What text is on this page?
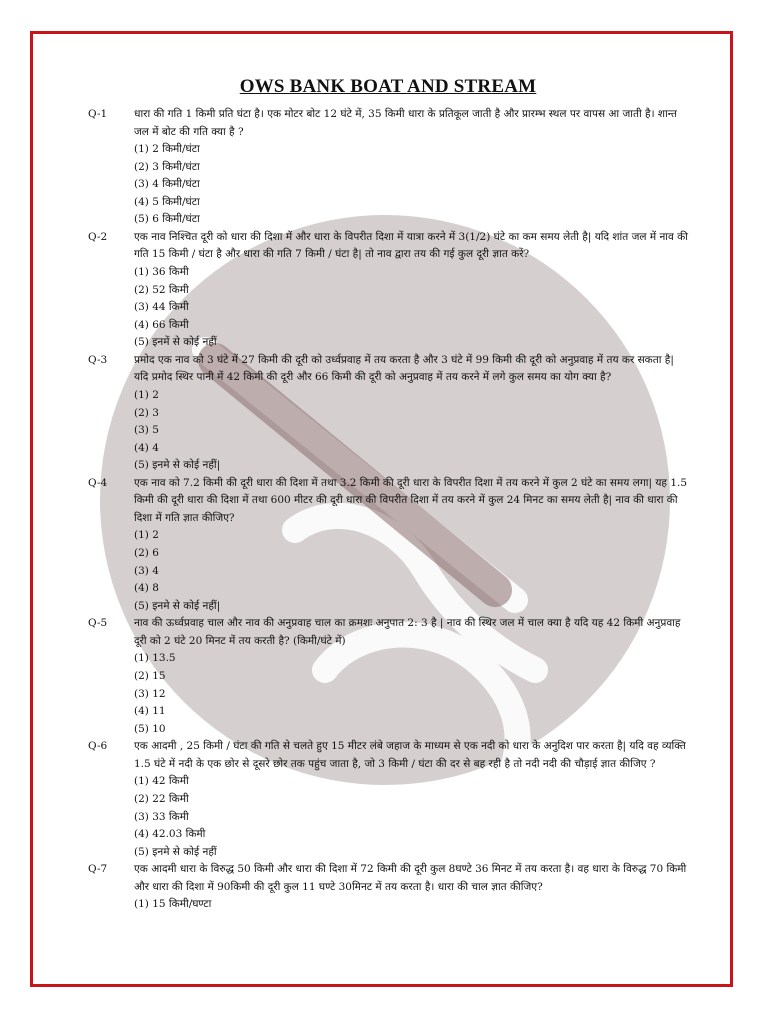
OWS BANK BOAT AND STREAM
Q-1	धारा की गति 1 किमी प्रति घंटा है। एक मोटर बोट 12 घंटे में, 35 किमी धारा के प्रतिकूल जाती है और प्रारम्भ स्थल पर वापस आ जाती है। शान्त जल में बोट की गति क्या है ?
(1) 2 किमी/घंटा
(2) 3 किमी/घंटा
(3) 4 किमी/घंटा
(4) 5 किमी/घंटा
(5) 6 किमी/घंटा
Q-2	एक नाव निश्चित दूरी को धारा की दिशा में और धारा के विपरीत दिशा में यात्रा करने में 3(1/2) घंटे का कम समय लेती है| यदि शांत जल में नाव की गति 15 किमी / घंटा है और धारा की गति 7 किमी / घंटा है| तो नाव द्वारा तय की गई कुल दूरी ज्ञात करें?
(1) 36 किमी
(2) 52 किमी
(3) 44 किमी
(4) 66 किमी
(5) इनमें से कोई नहीं
Q-3	प्रमोद एक नाव को 3 घंटे में 27 किमी की दूरी को उर्ध्वप्रवाह में तय करता है और 3 घंटे में 99 किमी की दूरी को अनुप्रवाह में तय कर सकता है| यदि प्रमोद स्थिर पानी में 42 किमी की दूरी और 66 किमी की दूरी को अनुप्रवाह में तय करने में लगे कुल समय का योग क्या है?
(1) 2
(2) 3
(3) 5
(4) 4
(5) इनमे से कोई नहीं|
Q-4	एक नाव को 7.2 किमी की दूरी धारा की दिशा में तथा 3.2 किमी की दूरी धारा के विपरीत दिशा में तय करने में कुल 2 घंटे का समय लगा| यह 1.5 किमी की दूरी धारा की दिशा में तथा 600 मीटर की दूरी धारा की विपरीत दिशा में तय करने में कुल 24 मिनट का समय लेती है| नाव की धारा की दिशा में गति ज्ञात कीजिए?
(1) 2
(2) 6
(3) 4
(4) 8
(5) इनमे से कोई नहीं|
Q-5	नाव की ऊर्ध्वप्रवाह चाल और नाव की अनुप्रवाह चाल का क्रमशः अनुपात 2: 3 है | नाव की स्थिर जल में चाल क्या है यदि यह 42 किमी अनुप्रवाह दूरी को 2 घंटे 20 मिनट में तय करती है? (किमी/घंटे में)
(1) 13.5
(2) 15
(3) 12
(4) 11
(5) 10
Q-6	एक आदमी , 25 किमी / घंटा की गति से चलते हुए 15 मीटर लंबे जहाज के माध्यम से एक नदी को धारा के अनुदिश पार करता है| यदि वह व्यक्ति 1.5 घंटे में नदी के एक छोर से दूसरे छोर तक पहुंच जाता है, जो 3 किमी / घंटा की दर से बह रही है तो नदी नदी की चौड़ाई ज्ञात कीजिए ?
(1) 42 किमी
(2) 22 किमी
(3) 33 किमी
(4) 42.03 किमी
(5) इनमे से कोई नहीं
Q-7	एक आदमी धारा के विरुद्ध 50 किमी और धारा की दिशा में 72 किमी की दूरी कुल 8घण्टे 36 मिनट में तय करता है। वह धारा के विरुद्ध 70 किमी और धारा की दिशा में 90किमी की दूरी कुल 11 घण्टे 30मिनट में तय करता है। धारा की चाल ज्ञात कीजिए?
(1) 15 किमी/घण्टा
